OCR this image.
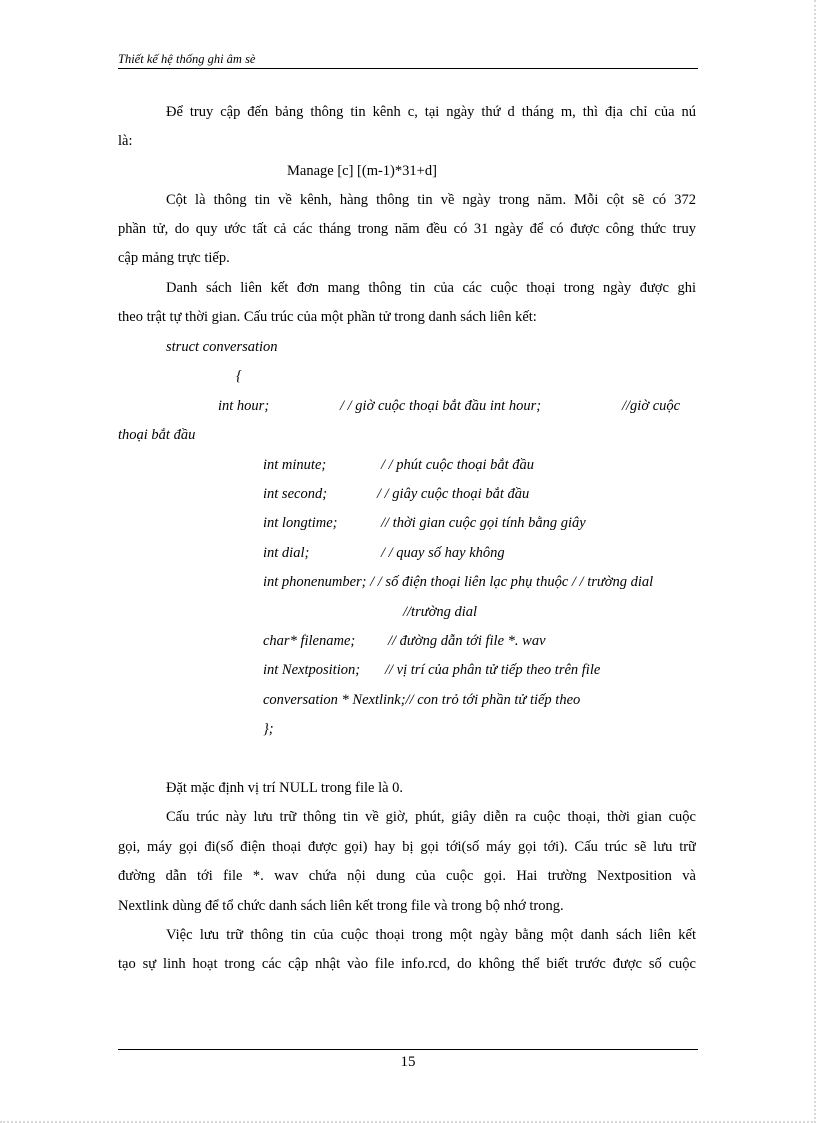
Thiết kế hệ thống ghi âm sè
Để truy cập đến bảng thông tin kênh c, tại ngày thứ d tháng m, thì địa chỉ của nú
là:
Manage [c] [(m-1)*31+d]
Cột là thông tin về kênh, hàng thông tin về ngày trong năm. Mỗi cột sẽ có 372
phần tử, do quy ước tất cả các tháng trong năm đều có 31 ngày để có được công thức truy
cập mảng trực tiếp.
Danh sách liên kết đơn mang thông tin của các cuộc thoại trong ngày được ghi
theo trật tự thời gian. Cấu trúc của một phần tử trong danh sách liên kết:
struct conversation
{
int hour;	/ / giờ cuộc thoại bắt đầu int hour;	//giờ cuộc
thoại bắt đầu
int minute;	/ / phút cuộc thoại bắt đầu
int second;	/ / giây cuộc thoại bắt đầu
int longtime;	// thời gian cuộc gọi tính bằng giây
int dial;	/ / quay số hay không
int phonenumber; / / số điện thoại liên lạc phụ thuộc / / trường dial
//trường dial
char* filename; // đường dẫn tới file *. wav
int Nextposition; // vị trí của phân tử tiếp theo trên file
conversation * Nextlink;// con trỏ tới phần tử tiếp theo
};
Đặt mặc định vị trí NULL trong file là 0.
Cấu trúc này lưu trữ thông tin về giờ, phút, giây diễn ra cuộc thoại, thời gian cuộc
gọi, máy gọi đi(số điện thoại được gọi) hay bị gọi tới(số máy gọi tới). Cấu trúc sẽ lưu trữ
đường dẫn tới file *. wav chứa nội dung của cuộc gọi. Hai trường Nextposition và
Nextlink dùng để tổ chức danh sách liên kết trong file và trong bộ nhớ trong.
Việc lưu trữ thông tin của cuộc thoại trong một ngày bằng một danh sách liên kết
tạo sự linh hoạt trong các cập nhật vào file info.rcd, do không thể biết trước được số cuộc
15
